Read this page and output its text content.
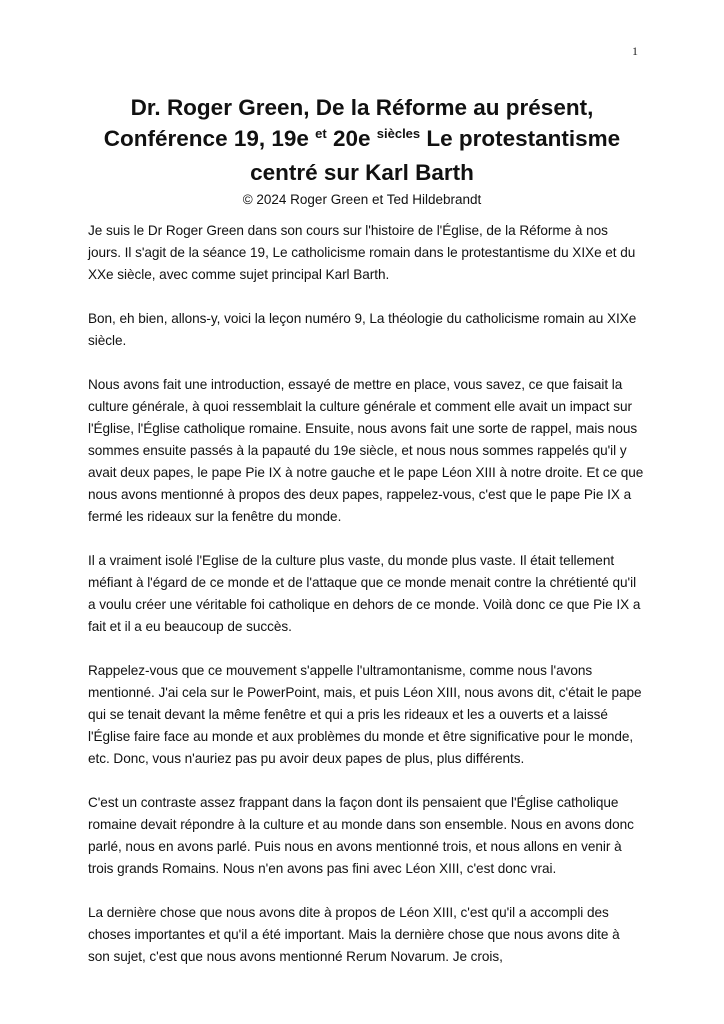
1
Dr. Roger Green, De la Réforme au présent,
Conférence 19, 19e $^{et}$ 20e $^{siècles}$ Le protestantisme
centré sur Karl Barth

© 2024 Roger Green et Ted Hildebrandt

Je suis le Dr Roger Green dans son cours sur l'histoire de l'Église, de la Réforme à nos jours. Il s'agit de la séance 19, Le catholicisme romain dans le protestantisme du XIXe et du XXe siècle, avec comme sujet principal Karl Barth.

Bon, eh bien, allons-y, voici la leçon numéro 9, La théologie du catholicisme romain au XIXe siècle.

Nous avons fait une introduction, essayé de mettre en place, vous savez, ce que faisait la culture générale, à quoi ressemblait la culture générale et comment elle avait un impact sur l'Église, l'Église catholique romaine. Ensuite, nous avons fait une sorte de rappel, mais nous sommes ensuite passés à la papauté du 19e siècle, et nous nous sommes rappelés qu'il y avait deux papes, le pape Pie IX à notre gauche et le pape Léon XIII à notre droite. Et ce que nous avons mentionné à propos des deux papes, rappelez-vous, c'est que le pape Pie IX a fermé les rideaux sur la fenêtre du monde.

Il a vraiment isolé l'Eglise de la culture plus vaste, du monde plus vaste. Il était tellement méfiant à l'égard de ce monde et de l'attaque que ce monde menait contre la chrétienté qu'il a voulu créer une véritable foi catholique en dehors de ce monde. Voilà donc ce que Pie IX a fait et il a eu beaucoup de succès.

Rappelez-vous que ce mouvement s'appelle l'ultramontanisme, comme nous l'avons mentionné. J'ai cela sur le PowerPoint, mais, et puis Léon XIII, nous avons dit, c'était le pape qui se tenait devant la même fenêtre et qui a pris les rideaux et les a ouverts et a laissé l'Église faire face au monde et aux problèmes du monde et être significative pour le monde, etc. Donc, vous n'auriez pas pu avoir deux papes de plus, plus différents.

C'est un contraste assez frappant dans la façon dont ils pensaient que l'Église catholique romaine devait répondre à la culture et au monde dans son ensemble. Nous en avons donc parlé, nous en avons parlé. Puis nous en avons mentionné trois, et nous allons en venir à trois grands Romains. Nous n'en avons pas fini avec Léon XIII, c'est donc vrai.

La dernière chose que nous avons dite à propos de Léon XIII, c'est qu'il a accompli des choses importantes et qu'il a été important. Mais la dernière chose que nous avons dite à son sujet, c'est que nous avons mentionné Rerum Novarum. Je crois,
